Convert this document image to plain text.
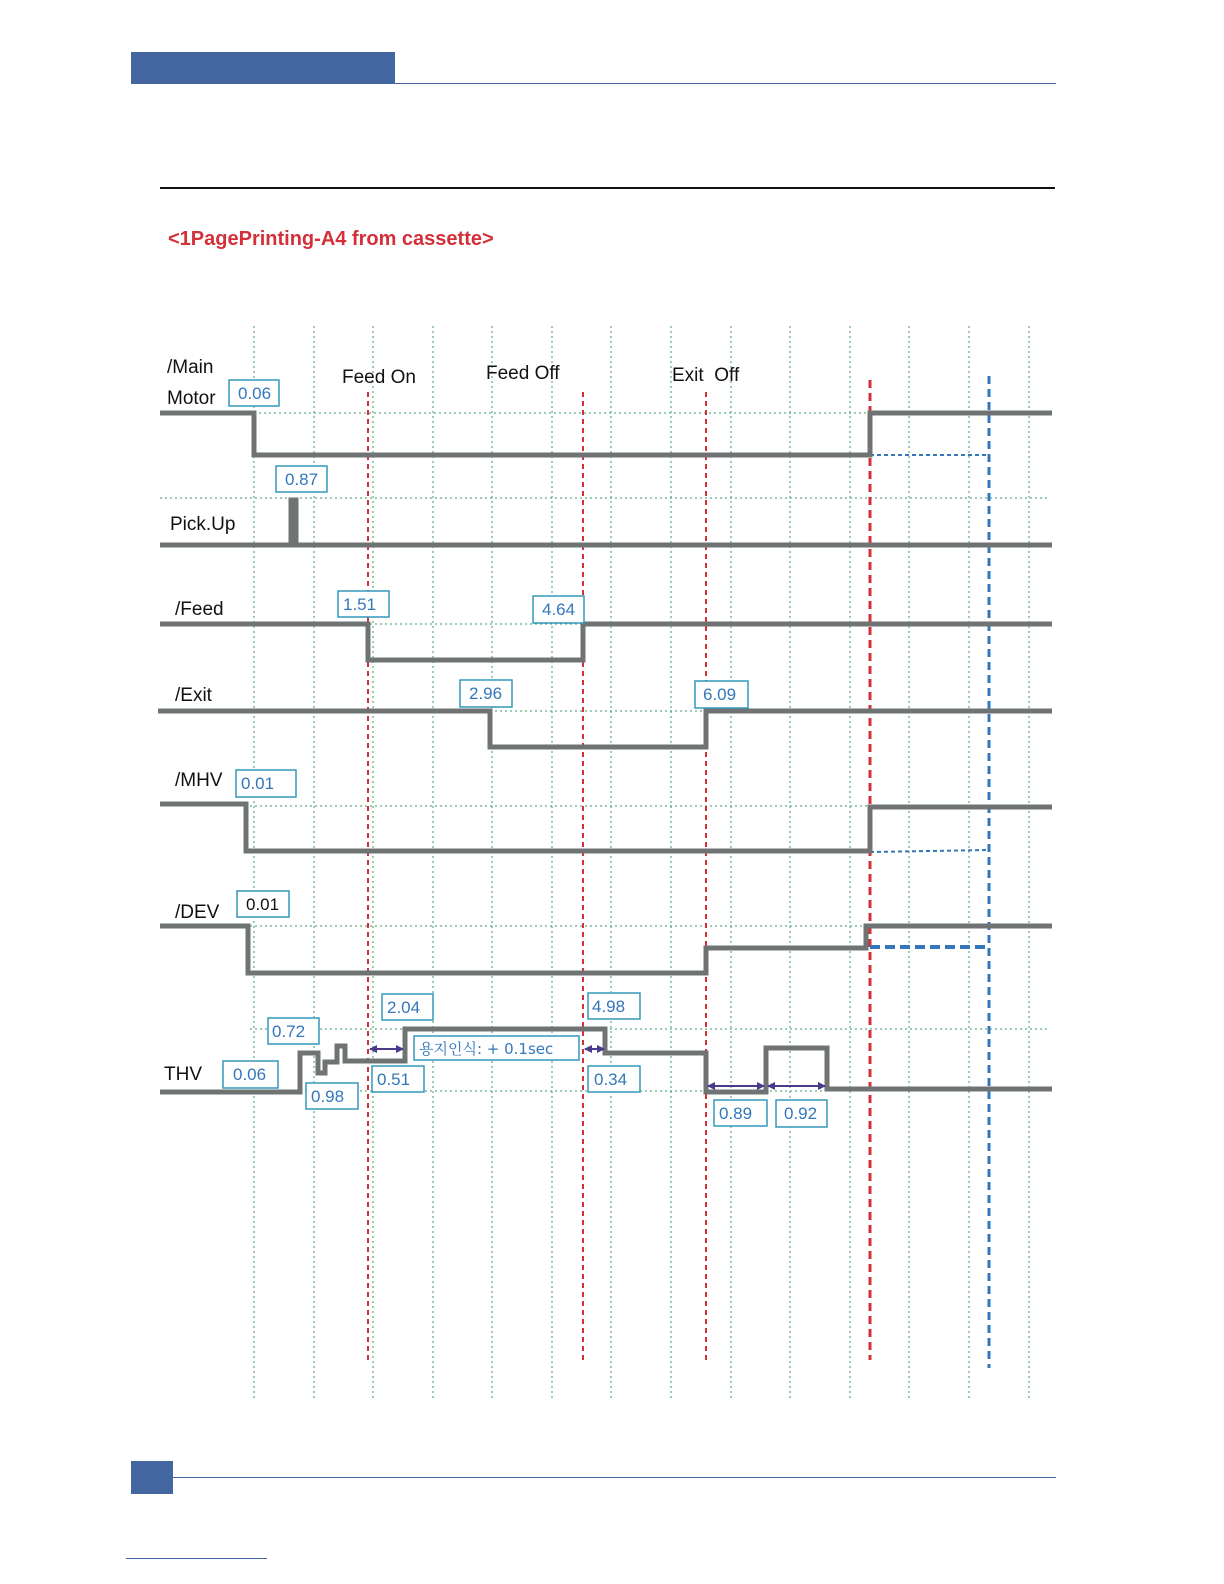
<1PagePrinting-A4 from cassette>
Feed On	Feed Off	Exit  Off
/Main
Motor
Pick.Up
/Feed
/Exit
/MHV
/DEV
THV
0.06
0.87
1.51	4.64
2.96	6.09
0.01
0.01
0.72
0.06
0.98
2.04
0.51
4.98
0.34
0.89 0.92
용지인식: + 0.1sec
